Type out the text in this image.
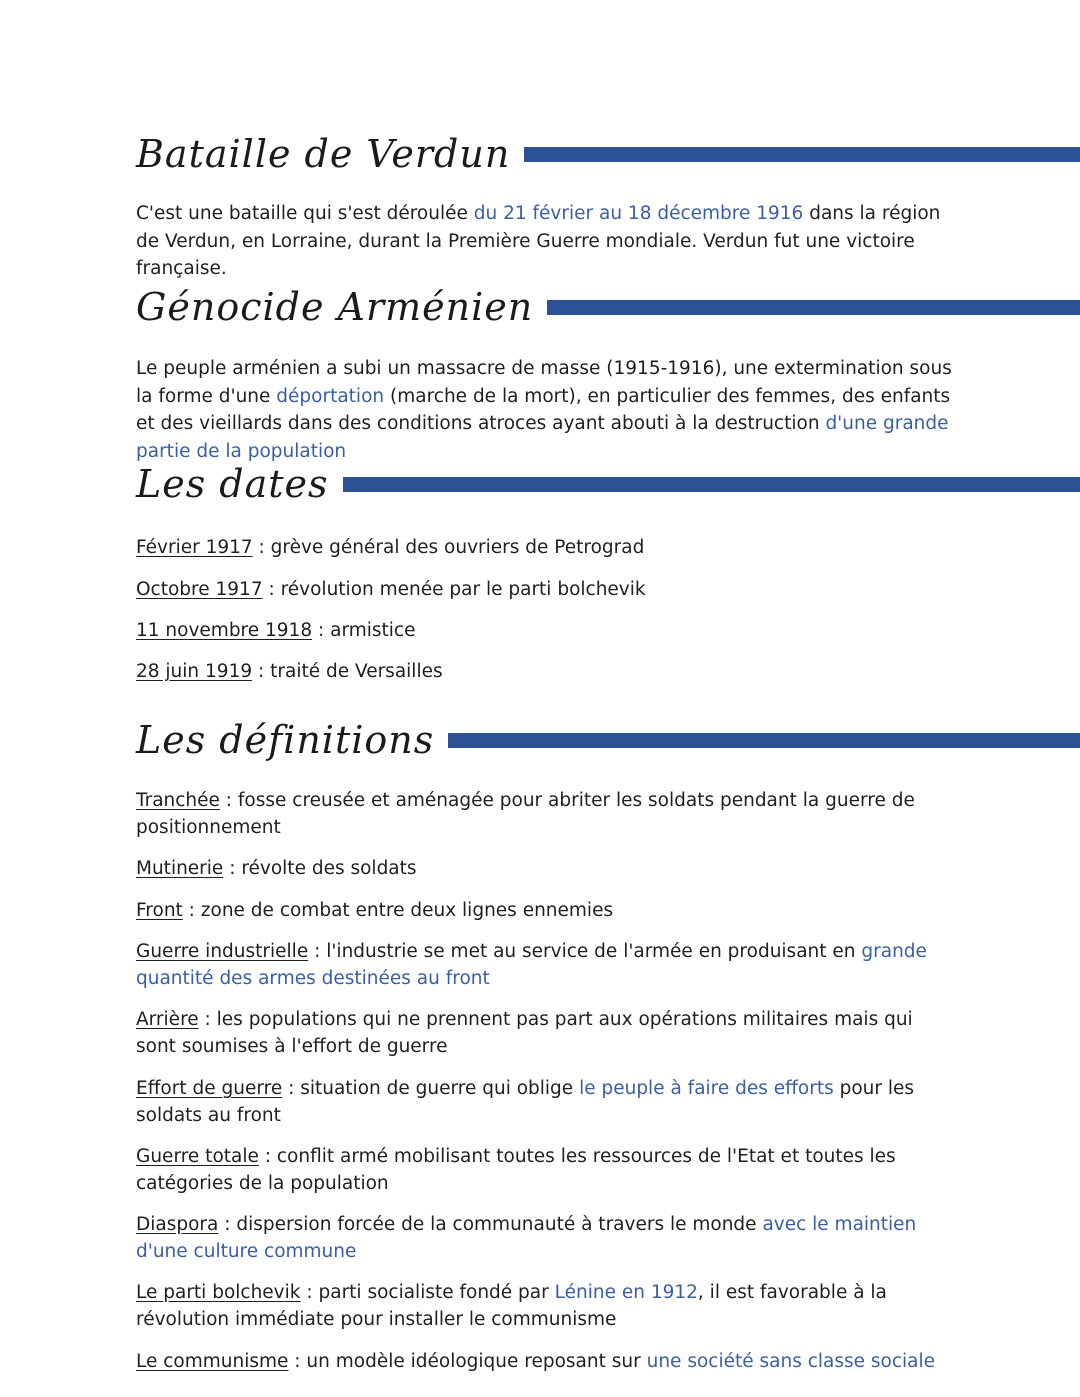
Bataille de Verdun
C'est une bataille qui s'est déroulée du 21 février au 18 décembre 1916 dans la région de Verdun, en Lorraine, durant la Première Guerre mondiale. Verdun fut une victoire française.
Génocide Arménien
Le peuple arménien a subi un massacre de masse (1915-1916), une extermination sous la forme d'une déportation (marche de la mort), en particulier des femmes, des enfants et des vieillards dans des conditions atroces ayant abouti à la destruction d'une grande partie de la population
Les dates
Février 1917 : grève général des ouvriers de Petrograd
Octobre 1917 : révolution menée par le parti bolchevik
11 novembre 1918 : armistice
28 juin 1919 : traité de Versailles
Les définitions
Tranchée : fosse creusée et aménagée pour abriter les soldats pendant la guerre de positionnement
Mutinerie : révolte des soldats
Front : zone de combat entre deux lignes ennemies
Guerre industrielle : l'industrie se met au service de l'armée en produisant en grande quantité des armes destinées au front
Arrière : les populations qui ne prennent pas part aux opérations militaires mais qui sont soumises à l'effort de guerre
Effort de guerre : situation de guerre qui oblige le peuple à faire des efforts pour les soldats au front
Guerre totale : conflit armé mobilisant toutes les ressources de l'Etat et toutes les catégories de la population
Diaspora : dispersion forcée de la communauté à travers le monde avec le maintien d'une culture commune
Le parti bolchevik : parti socialiste fondé par Lénine en 1912, il est favorable à la révolution immédiate pour installer le communisme
Le communisme : un modèle idéologique reposant sur une société sans classe sociale
